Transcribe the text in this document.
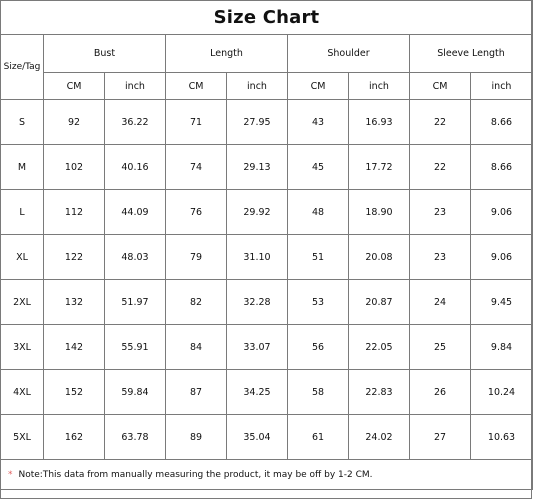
Size Chart								
Size/Tag	Bust		Length		Shoulder		Sleeve Length	
	CM	inch	CM	inch	CM	inch	CM	inch
S	92	36.22	71	27.95	43	16.93	22	8.66
M	102	40.16	74	29.13	45	17.72	22	8.66
L	112	44.09	76	29.92	48	18.90	23	9.06
XL	122	48.03	79	31.10	51	20.08	23	9.06
2XL	132	51.97	82	32.28	53	20.87	24	9.45
3XL	142	55.91	84	33.07	56	22.05	25	9.84
4XL	152	59.84	87	34.25	58	22.83	26	10.24
5XL	162	63.78	89	35.04	61	24.02	27	10.63
* Note:This data from manually measuring the product, it may be off by 1-2 CM.								
